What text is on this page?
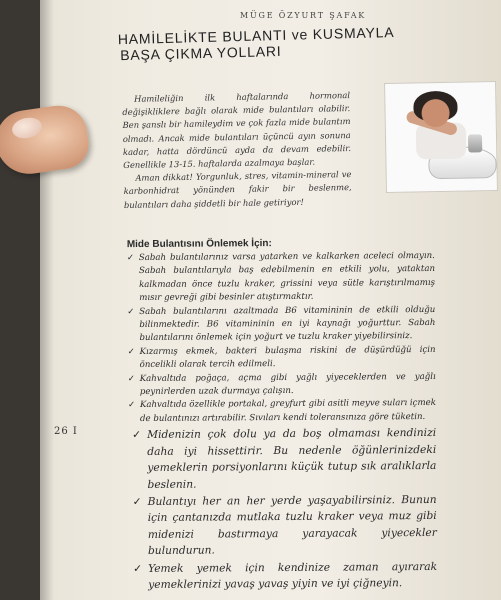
MÜGE ÖZYURT ŞAFAK
HAMİLELİKTE BULANTI ve KUSMAYLA
BAŞA ÇIKMA YOLLARI

Hamileliğin ilk haftalarında hormonal değişikliklere bağlı olarak mide bulantıları olabilir. Ben şanslı bir hamileydim ve çok fazla mide bulantım olmadı. Ancak mide bulantıları üçüncü ayın sonuna kadar, hatta dördüncü ayda da devam edebilir. Genellikle 13-15. haftalarda azalmaya başlar.

Aman dikkat! Yorgunluk, stres, vitamin-mineral ve karbonhidrat yönünden fakir bir beslenme, bulantıları daha şiddetli bir hale getiriyor!

Mide Bulantısını Önlemek İçin:
✓ Sabah bulantılarınız varsa yatarken ve kalkarken aceleci olmayın. Sabah bulantılarıyla baş edebilmenin en etkili yolu, yataktan kalkmadan önce tuzlu kraker, grissini veya sütle karıştırılmamış mısır gevreği gibi besinler atıştırmaktır.
✓ Sabah bulantılarını azaltmada B6 vitamininin de etkili olduğu bilinmektedir. B6 vitamininin en iyi kaynağı yoğurttur. Sabah bulantılarını önlemek için yoğurt ve tuzlu kraker yiyebilirsiniz.
✓ Kızarmış ekmek, bakteri bulaşma riskini de düşürdüğü için öncelikli olarak tercih edilmeli.
✓ Kahvaltıda poğaça, açma gibi yağlı yiyeceklerden ve yağlı peynirlerden uzak durmaya çalışın.
✓ Kahvaltıda özellikle portakal, greyfurt gibi asitli meyve suları içmek de bulantınızı artırabilir. Sıvıları kendi toleransınıza göre tüketin.
✓ Midenizin çok dolu ya da boş olmaması kendinizi daha iyi hissettirir. Bu nedenle öğünlerinizdeki yemeklerin porsiyonlarını küçük tutup sık aralıklarla beslenin.
✓ Bulantıyı her an her yerde yaşayabilirsiniz. Bunun için çantanızda mutlaka tuzlu kraker veya muz gibi midenizi bastırmaya yarayacak yiyecekler bulundurun.
✓ Yemek yemek için kendinize zaman ayırarak yemeklerinizi yavaş yavaş yiyin ve iyi çiğneyin.
26 I
